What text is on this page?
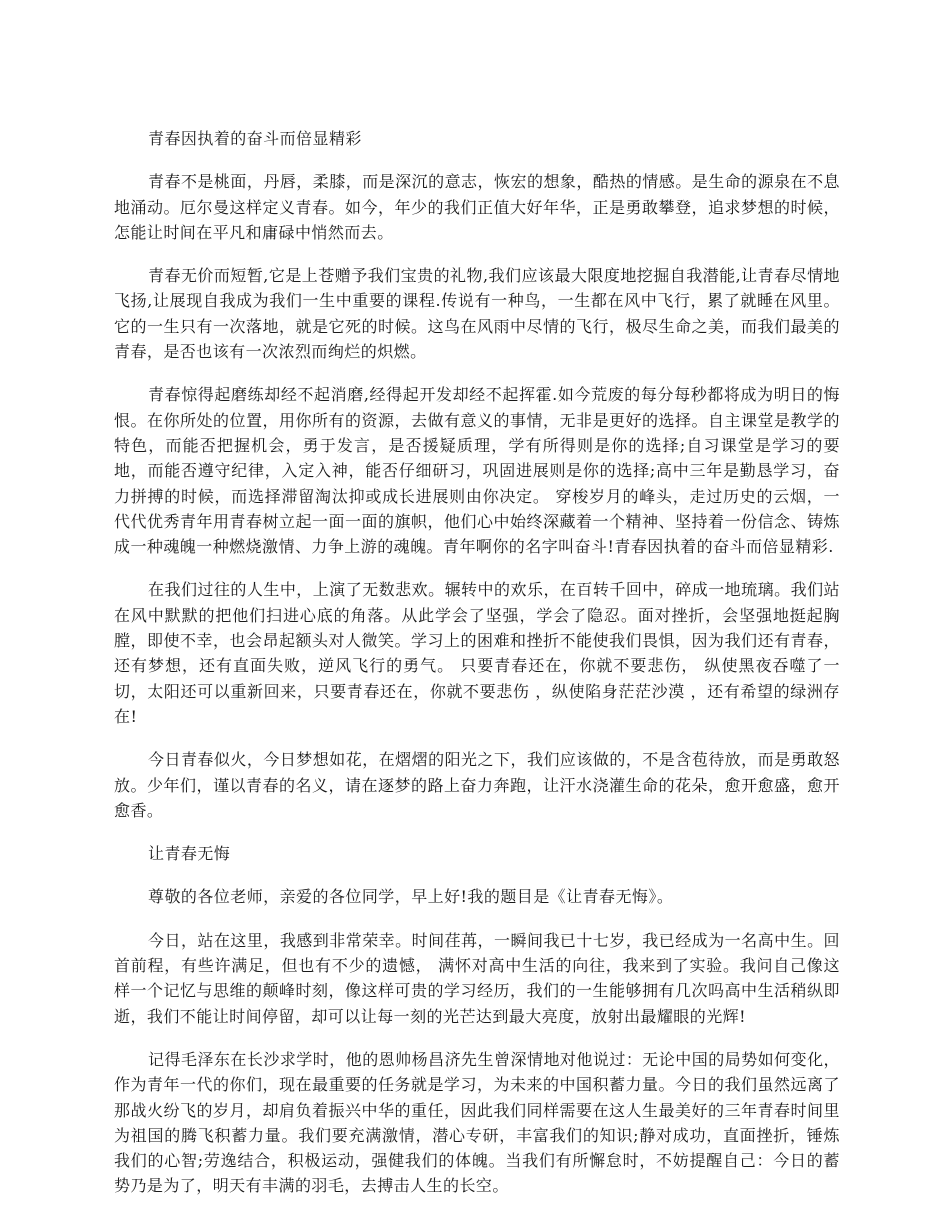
青春因执着的奋斗而倍显精彩

青春不是桃面，丹唇，柔膝，而是深沉的意志，恢宏的想象，酷热的情感。是生命的源泉在不息地涌动。厄尔曼这样定义青春。如今，年少的我们正值大好年华，正是勇敢攀登，追求梦想的时候，怎能让时间在平凡和庸碌中悄然而去。

青春无价而短暂,它是上苍赠予我们宝贵的礼物,我们应该最大限度地挖掘自我潜能,让青春尽情地飞扬,让展现自我成为我们一生中重要的课程.传说有一种鸟，一生都在风中飞行，累了就睡在风里。它的一生只有一次落地，就是它死的时候。这鸟在风雨中尽情的飞行，极尽生命之美，而我们最美的青春，是否也该有一次浓烈而绚烂的炽燃。

青春惊得起磨练却经不起消磨,经得起开发却经不起挥霍.如今荒废的每分每秒都将成为明日的悔恨。在你所处的位置，用你所有的资源，去做有意义的事情，无非是更好的选择。自主课堂是教学的特色，而能否把握机会，勇于发言，是否援疑质理，学有所得则是你的选择;自习课堂是学习的要地，而能否遵守纪律，入定入神，能否仔细研习，巩固进展则是你的选择;高中三年是勤恳学习，奋力拼搏的时候，而选择滞留淘汰抑或成长进展则由你决定。 穿梭岁月的峰头，走过历史的云烟，一代代优秀青年用青春树立起一面一面的旗帜，他们心中始终深藏着一个精神、坚持着一份信念、铸炼成一种魂魄一种燃烧激情、力争上游的魂魄。青年啊你的名字叫奋斗!青春因执着的奋斗而倍显精彩.

在我们过往的人生中，上演了无数悲欢。辗转中的欢乐，在百转千回中，碎成一地琉璃。我们站在风中默默的把他们扫进心底的角落。从此学会了坚强，学会了隐忍。面对挫折，会坚强地挺起胸膛，即使不幸，也会昂起额头对人微笑。学习上的困难和挫折不能使我们畏惧，因为我们还有青春，还有梦想，还有直面失败，逆风飞行的勇气。 只要青春还在，你就不要悲伤， 纵使黑夜吞噬了一切，太阳还可以重新回来，只要青春还在，你就不要悲伤 ，纵使陷身茫茫沙漠 ，还有希望的绿洲存在!

今日青春似火，今日梦想如花，在熠熠的阳光之下，我们应该做的，不是含苞待放，而是勇敢怒放。少年们，谨以青春的名义，请在逐梦的路上奋力奔跑，让汗水浇灌生命的花朵，愈开愈盛，愈开愈香。

让青春无悔

尊敬的各位老师，亲爱的各位同学，早上好!我的题目是《让青春无悔》。

今日，站在这里，我感到非常荣幸。时间荏苒，一瞬间我已十七岁，我已经成为一名高中生。回首前程，有些许满足，但也有不少的遗憾， 满怀对高中生活的向往，我来到了实验。我问自己像这样一个记忆与思维的颠峰时刻，像这样可贵的学习经历，我们的一生能够拥有几次吗高中生活稍纵即逝，我们不能让时间停留，却可以让每一刻的光芒达到最大亮度，放射出最耀眼的光辉!

记得毛泽东在长沙求学时，他的恩帅杨昌济先生曾深情地对他说过：无论中国的局势如何变化，作为青年一代的你们，现在最重要的任务就是学习，为未来的中国积蓄力量。今日的我们虽然远离了那战火纷飞的岁月，却肩负着振兴中华的重任，因此我们同样需要在这人生最美好的三年青春时间里为祖国的腾飞积蓄力量。我们要充满激情，潜心专研，丰富我们的知识;静对成功，直面挫折，锤炼我们的心智;劳逸结合，积极运动，强健我们的体魄。当我们有所懈怠时，不妨提醒自己：今日的蓄势乃是为了，明天有丰满的羽毛，去搏击人生的长空。
